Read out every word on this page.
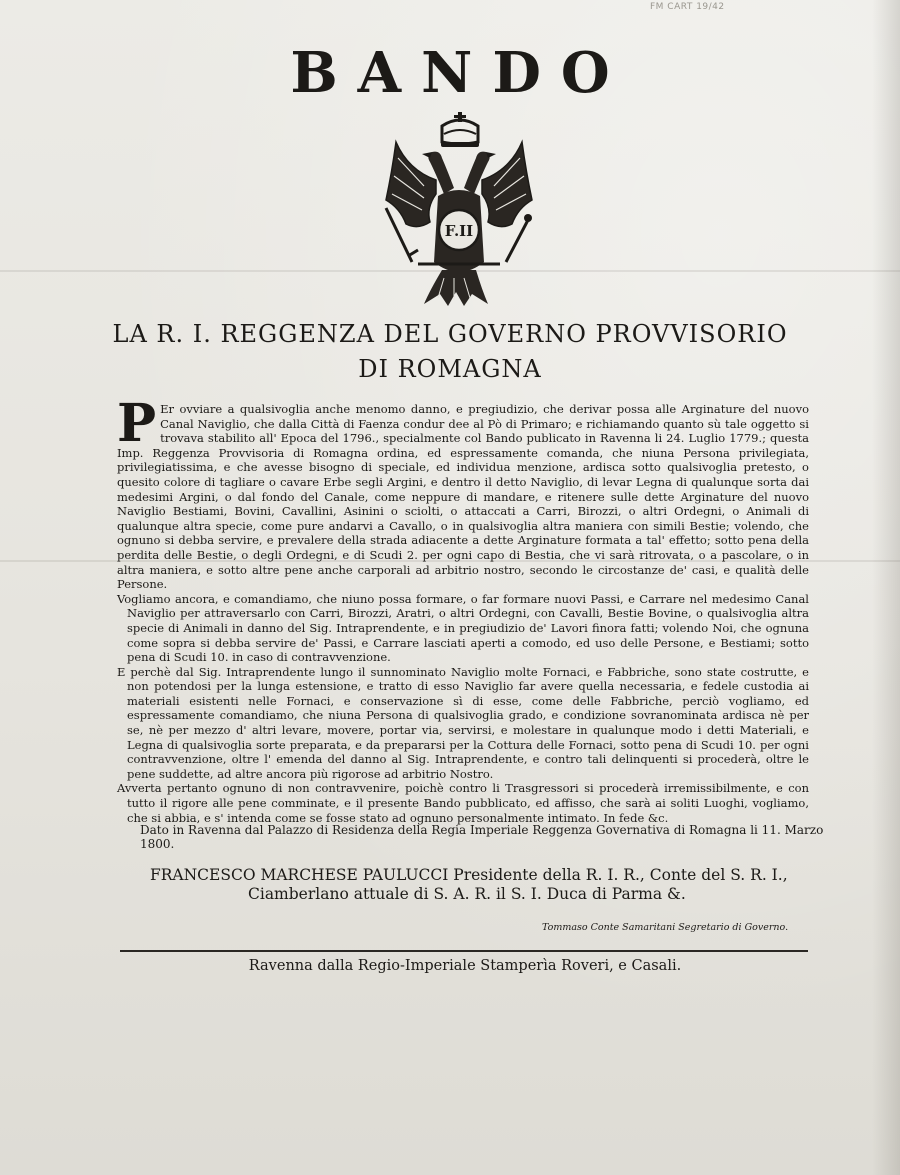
FM CART 19/42
BANDO
F.II
LA R. I. REGGENZA DEL GOVERNO PROVVISORIO
DI ROMAGNA

P Er ovviare a qualsivoglia anche menomo danno, e pregiudizio, che derivar possa alle Arginature del nuovo Canal Naviglio, che dalla Città di Faenza condur dee al Pò di Primaro; e richiamando quanto sù tale oggetto si trovava stabilito all' Epoca del 1796., specialmente col Bando publicato in Ravenna li 24. Luglio 1779.; questa Imp. Reggenza Provvisoria di Romagna ordina, ed espressamente comanda, che niuna Persona privilegiata, privilegiatissima, e che avesse bisogno di speciale, ed individua menzione, ardisca sotto qualsivoglia pretesto, o quesito colore di tagliare o cavare Erbe segli Argini, e dentro il detto Naviglio, di levar Legna di qualunque sorta dai medesimi Argini, o dal fondo del Canale, come neppure di mandare, e ritenere sulle dette Arginature del nuovo Naviglio Bestiami, Bovini, Cavallini, Asinini o sciolti, o attaccati a Carri, Birozzi, o altri Ordegni, o Animali di qualunque altra specie, come pure andarvi a Cavallo, o in qualsivoglia altra maniera con simili Bestie; volendo, che ognuno si debba servire, e prevalere della strada adiacente a dette Arginature formata a tal' effetto; sotto pena della perdita delle Bestie, o degli Ordegni, e di Scudi 2. per ogni capo di Bestia, che vi sarà ritrovata, o a pascolare, o in altra maniera, e sotto altre pene anche carporali ad arbitrio nostro, secondo le circostanze de' casi, e qualità delle Persone.

Vogliamo ancora, e comandiamo, che niuno possa formare, o far formare nuovi Passi, e Carrare nel medesimo Canal Naviglio per attraversarlo con Carri, Birozzi, Aratri, o altri Ordegni, con Cavalli, Bestie Bovine, o qualsivoglia altra specie di Animali in danno del Sig. Intraprendente, e in pregiudizio de' Lavori finora fatti; volendo Noi, che ognuna come sopra si debba servire de' Passi, e Carrare lasciati aperti a comodo, ed uso delle Persone, e Bestiami; sotto pena di Scudi 10. in caso di contravvenzione.

E perchè dal Sig. Intraprendente lungo il sunnominato Naviglio molte Fornaci, e Fabbriche, sono state costrutte, e non potendosi per la lunga estensione, e tratto di esso Naviglio far avere quella necessaria, e fedele custodia ai materiali esistenti nelle Fornaci, e conservazione sì di esse, come delle Fabbriche, perciò vogliamo, ed espressamente comandiamo, che niuna Persona di qualsivoglia grado, e condizione sovranominata ardisca nè per se, nè per mezzo d' altri levare, movere, portar via, servirsi, e molestare in qualunque modo i detti Materiali, e Legna di qualsivoglia sorte preparata, e da prepararsi per la Cottura delle Fornaci, sotto pena di Scudi 10. per ogni contravvenzione, oltre l' emenda del danno al Sig. Intraprendente, e contro tali delinquenti si procederà, oltre le pene suddette, ad altre ancora più rigorose ad arbitrio Nostro.

Avverta pertanto ognuno di non contravvenire, poichè contro li Trasgressori si procederà irremissibilmente, e con tutto il rigore alle pene comminate, e il presente Bando pubblicato, ed affisso, che sarà ai soliti Luoghi, vogliamo, che si abbia, e s' intenda come se fosse stato ad ognuno personalmente intimato. In fede &c.

Dato in Ravenna dal Palazzo di Residenza della Regia Imperiale Reggenza Governativa di Romagna li 11. Marzo 1800.
FRANCESCO MARCHESE PAULUCCI Presidente della R. I. R., Conte del S. R. I.,
Ciamberlano attuale di S. A. R. il S. I. Duca di Parma &.
Tommaso Conte Samaritani Segretario di Governo.
Ravenna dalla Regio-Imperiale Stamperìa Roveri, e Casali.
